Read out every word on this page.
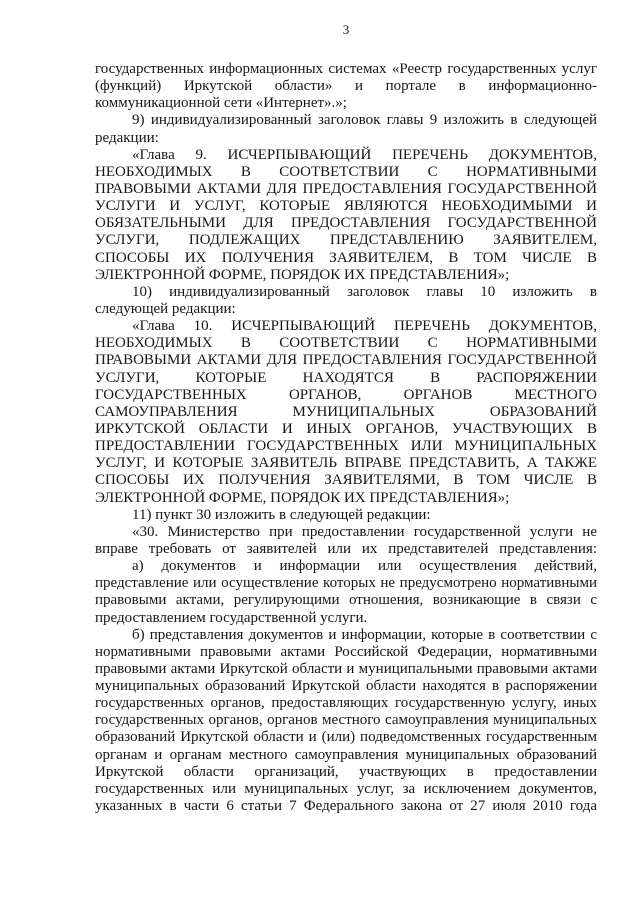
3
государственных информационных системах «Реестр государственных услуг
(функций) Иркутской области» и портале в информационно-
коммуникационной сети «Интернет».»;
9) индивидуализированный заголовок главы 9 изложить в следующей
редакции:
«Глава 9. ИСЧЕРПЫВАЮЩИЙ ПЕРЕЧЕНЬ ДОКУМЕНТОВ,
НЕОБХОДИМЫХ В СООТВЕТСТВИИ С НОРМАТИВНЫМИ
ПРАВОВЫМИ АКТАМИ ДЛЯ ПРЕДОСТАВЛЕНИЯ ГОСУДАРСТВЕННОЙ
УСЛУГИ И УСЛУГ, КОТОРЫЕ ЯВЛЯЮТСЯ НЕОБХОДИМЫМИ И
ОБЯЗАТЕЛЬНЫМИ ДЛЯ ПРЕДОСТАВЛЕНИЯ ГОСУДАРСТВЕННОЙ
УСЛУГИ, ПОДЛЕЖАЩИХ ПРЕДСТАВЛЕНИЮ ЗАЯВИТЕЛЕМ,
СПОСОБЫ ИХ ПОЛУЧЕНИЯ ЗАЯВИТЕЛЕМ, В ТОМ ЧИСЛЕ В
ЭЛЕКТРОННОЙ ФОРМЕ, ПОРЯДОК ИХ ПРЕДСТАВЛЕНИЯ»;
10) индивидуализированный заголовок главы 10 изложить в
следующей редакции:
«Глава 10. ИСЧЕРПЫВАЮЩИЙ ПЕРЕЧЕНЬ ДОКУМЕНТОВ,
НЕОБХОДИМЫХ В СООТВЕТСТВИИ С НОРМАТИВНЫМИ
ПРАВОВЫМИ АКТАМИ ДЛЯ ПРЕДОСТАВЛЕНИЯ ГОСУДАРСТВЕННОЙ
УСЛУГИ, КОТОРЫЕ НАХОДЯТСЯ В РАСПОРЯЖЕНИИ
ГОСУДАРСТВЕННЫХ ОРГАНОВ, ОРГАНОВ МЕСТНОГО
САМОУПРАВЛЕНИЯ МУНИЦИПАЛЬНЫХ ОБРАЗОВАНИЙ
ИРКУТСКОЙ ОБЛАСТИ И ИНЫХ ОРГАНОВ, УЧАСТВУЮЩИХ В
ПРЕДОСТАВЛЕНИИ ГОСУДАРСТВЕННЫХ ИЛИ МУНИЦИПАЛЬНЫХ
УСЛУГ, И КОТОРЫЕ ЗАЯВИТЕЛЬ ВПРАВЕ ПРЕДСТАВИТЬ, А ТАКЖЕ
СПОСОБЫ ИХ ПОЛУЧЕНИЯ ЗАЯВИТЕЛЯМИ, В ТОМ ЧИСЛЕ В
ЭЛЕКТРОННОЙ ФОРМЕ, ПОРЯДОК ИХ ПРЕДСТАВЛЕНИЯ»;
11) пункт 30 изложить в следующей редакции:
«30. Министерство при предоставлении государственной услуги не
вправе требовать от заявителей или их представителей представления:
а) документов и информации или осуществления действий,
представление или осуществление которых не предусмотрено нормативными
правовыми актами, регулирующими отношения, возникающие в связи с
предоставлением государственной услуги.
б) представления документов и информации, которые в соответствии с
нормативными правовыми актами Российской Федерации, нормативными
правовыми актами Иркутской области и муниципальными правовыми актами
муниципальных образований Иркутской области находятся в распоряжении
государственных органов, предоставляющих государственную услугу, иных
государственных органов, органов местного самоуправления муниципальных
образований Иркутской области и (или) подведомственных государственным
органам и органам местного самоуправления муниципальных образований
Иркутской области организаций, участвующих в предоставлении
государственных или муниципальных услуг, за исключением документов,
указанных в части 6 статьи 7 Федерального закона от 27 июля 2010 года
